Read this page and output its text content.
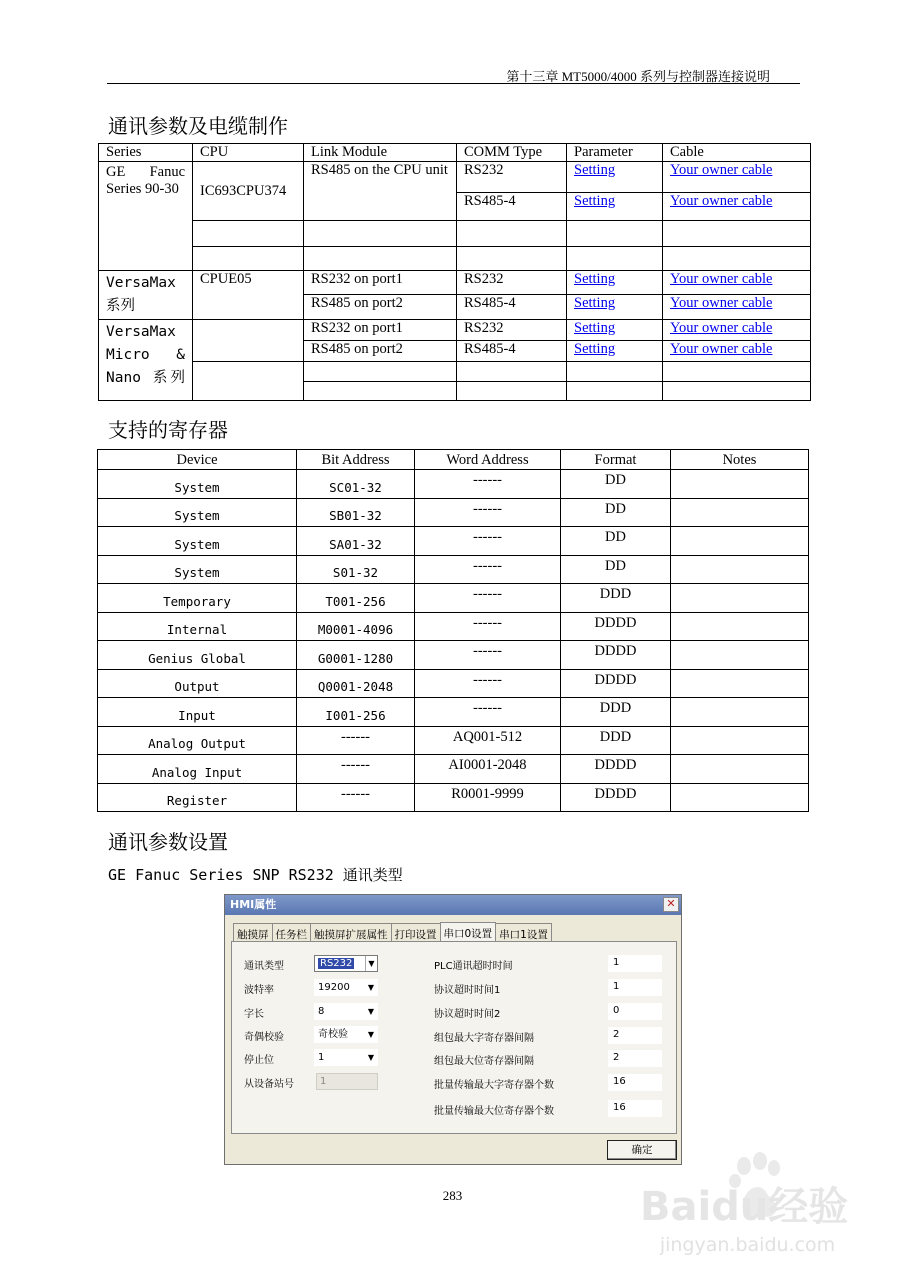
第十三章 MT5000/4000 系列与控制器连接说明
通讯参数及电缆制作
Series	CPU	Link Module	COMM Type	Parameter	Cable
GE Fanuc Series 90-30	IC693CPU374	RS485 on the CPU unit	RS232	Setting	Your owner cable
			RS485-4	Setting	Your owner cable

VersaMax 系列	CPUE05	RS232 on port1	RS232	Setting	Your owner cable
		RS485 on port2	RS485-4	Setting	Your owner cable
VersaMax Micro & Nano 系列		RS232 on port1	RS232	Setting	Your owner cable
		RS485 on port2	RS485-4	Setting	Your owner cable

支持的寄存器
Device	Bit Address	Word Address	Format	Notes
System	SC01-32	------	DD	
System	SB01-32	------	DD	
System	SA01-32	------	DD	
System	S01-32	------	DD	
Temporary	T001-256	------	DDD	
Internal	M0001-4096	------	DDDD	
Genius Global	G0001-1280	------	DDDD	
Output	Q0001-2048	------	DDDD	
Input	I001-256	------	DDD	
Analog Output	------	AQ001-512	DDD	
Analog Input	------	AI0001-2048	DDDD	
Register	------	R0001-9999	DDDD	
通讯参数设置
GE Fanuc Series SNP RS232 通讯类型
HMI属性	✕
触摸屏 任务栏 触摸屏扩展属性 打印设置 串口0设置 串口1设置
通讯类型	RS232	▼
波特率	19200 ▼
字长	8	▼
奇偶校验	奇校验 ▼
停止位	1	▼
从设备站号	1
PLC通讯超时时间	1
协议超时时间1	1
协议超时时间2	0
组包最大字寄存器间隔	2
组包最大位寄存器间隔	2
批量传输最大字寄存器个数	16
批量传输最大位寄存器个数	16
确定
283	Baidu经验
jingyan.baidu.com
